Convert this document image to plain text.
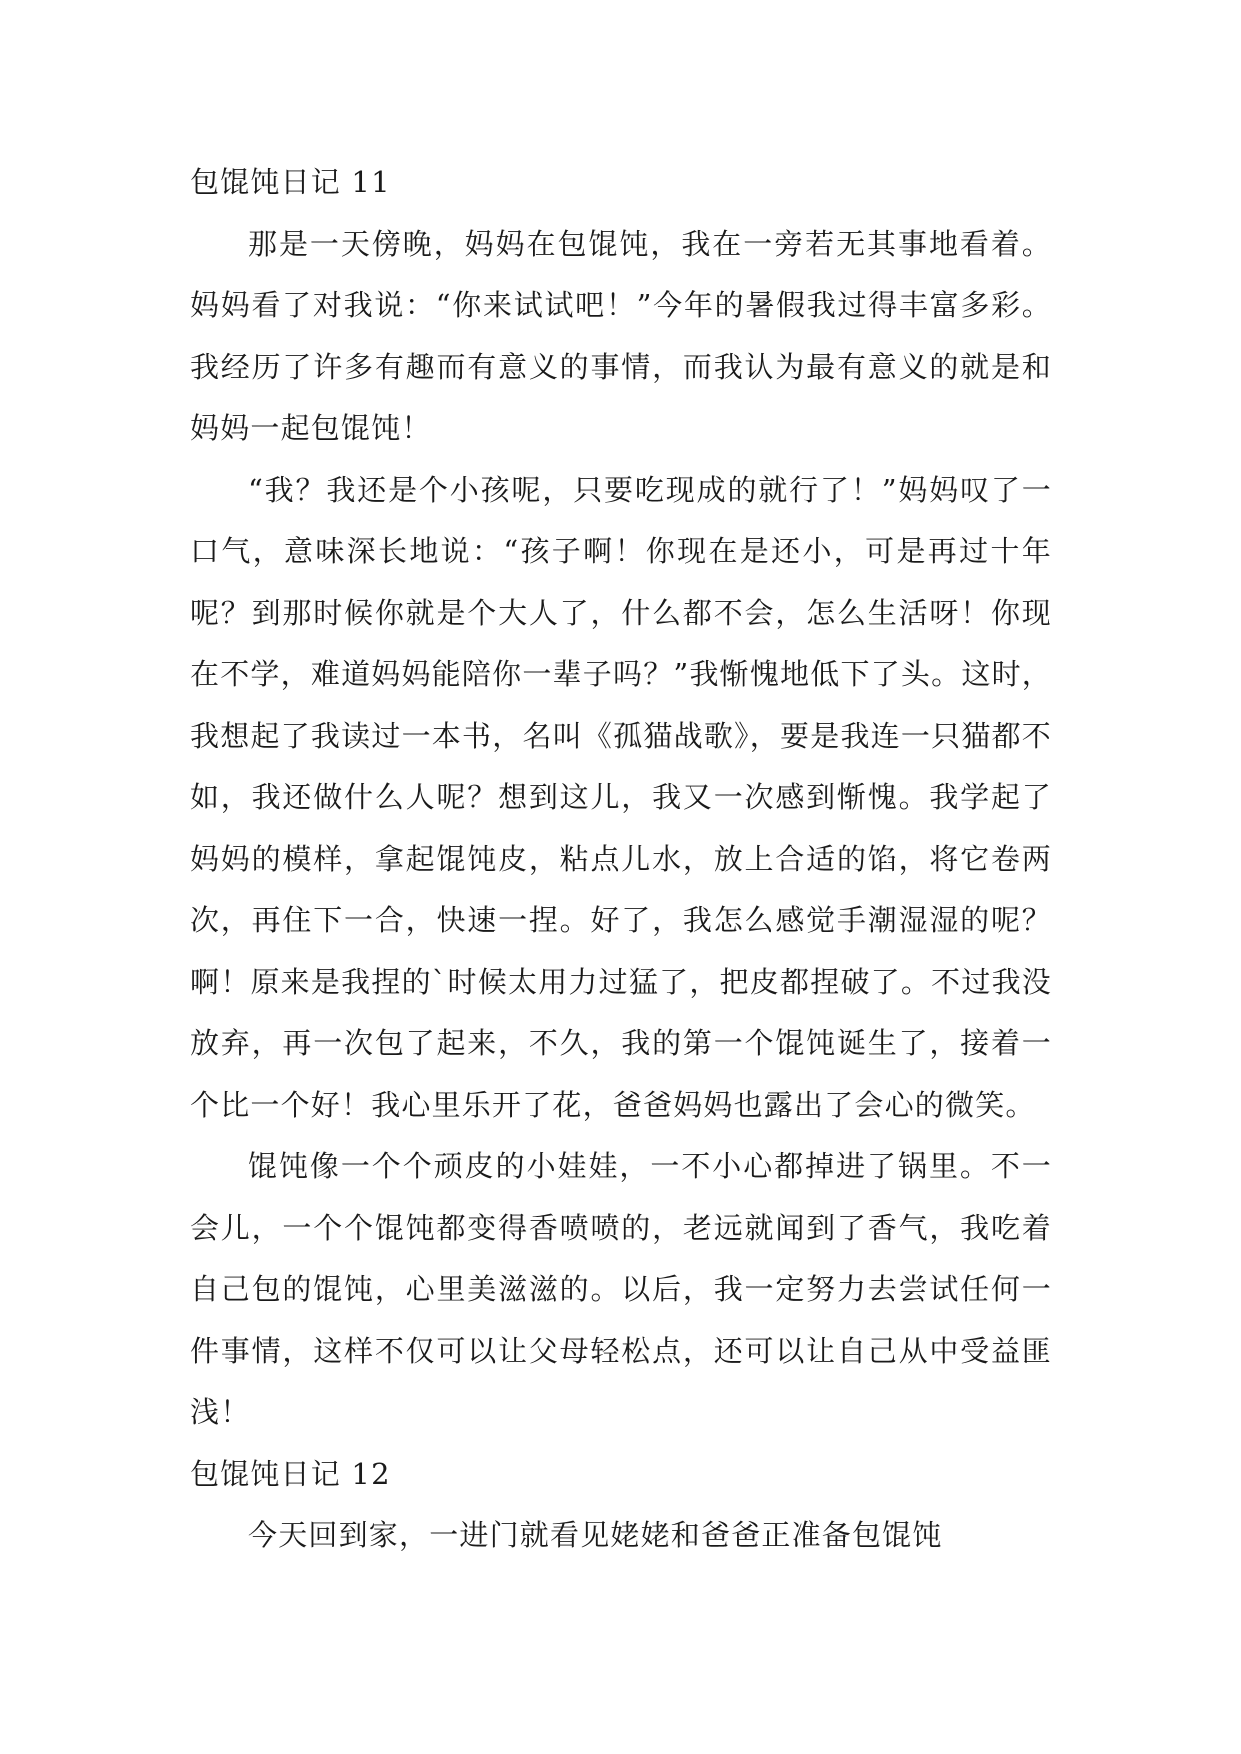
包馄饨日记 11

那是一天傍晚，妈妈在包馄饨，我在一旁若无其事地看着。妈妈看了对我说：“你来试试吧！”今年的暑假我过得丰富多彩。我经历了许多有趣而有意义的事情，而我认为最有意义的就是和妈妈一起包馄饨！

“我？我还是个小孩呢，只要吃现成的就行了！”妈妈叹了一口气，意味深长地说：“孩子啊！你现在是还小，可是再过十年呢？到那时候你就是个大人了，什么都不会，怎么生活呀！你现在不学，难道妈妈能陪你一辈子吗？”我惭愧地低下了头。这时，我想起了我读过一本书，名叫《孤猫战歌》，要是我连一只猫都不如，我还做什么人呢？想到这儿，我又一次感到惭愧。我学起了妈妈的模样，拿起馄饨皮，粘点儿水，放上合适的馅，将它卷两次，再住下一合，快速一捏。好了，我怎么感觉手潮湿湿的呢？啊！原来是我捏的`时候太用力过猛了，把皮都捏破了。不过我没放弃，再一次包了起来，不久，我的第一个馄饨诞生了，接着一个比一个好！我心里乐开了花，爸爸妈妈也露出了会心的微笑。

馄饨像一个个顽皮的小娃娃，一不小心都掉进了锅里。不一会儿，一个个馄饨都变得香喷喷的，老远就闻到了香气，我吃着自己包的馄饨，心里美滋滋的。以后，我一定努力去尝试任何一件事情，这样不仅可以让父母轻松点，还可以让自己从中受益匪浅！

包馄饨日记 12

今天回到家，一进门就看见姥姥和爸爸正准备包馄饨
